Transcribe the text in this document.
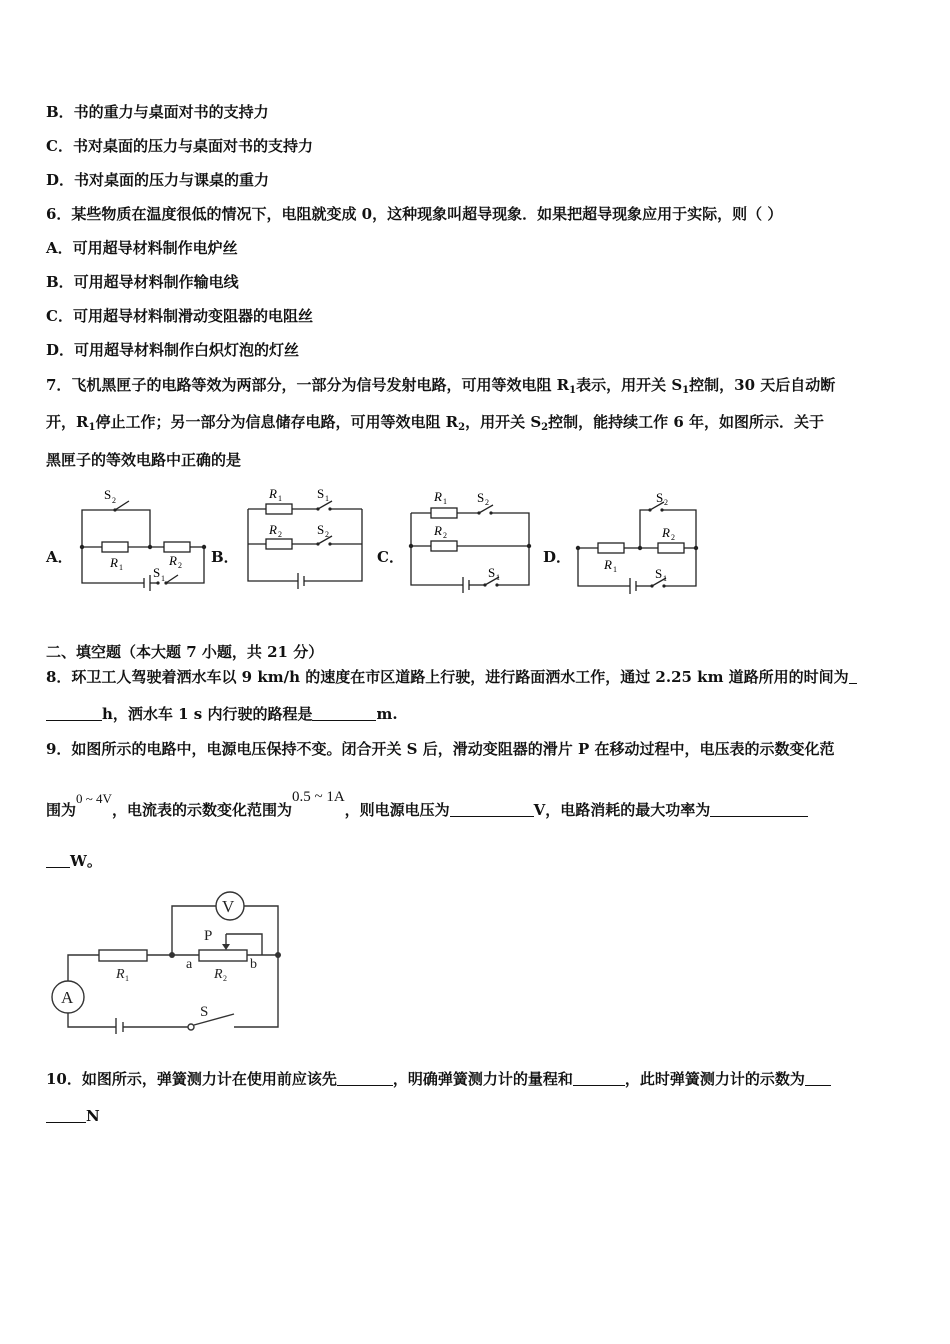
B．书的重力与桌面对书的支持力
C．书对桌面的压力与桌面对书的支持力
D．书对桌面的压力与课桌的重力
6．某些物质在温度很低的情况下，电阻就变成 0，这种现象叫超导现象．如果把超导现象应用于实际，则（ ）
A．可用超导材料制作电炉丝
B．可用超导材料制作输电线
C．可用超导材料制滑动变阻器的电阻丝
D．可用超导材料制作白炽灯泡的灯丝
7．飞机黑匣子的电路等效为两部分，一部分为信号发射电路，可用等效电阻 $R_1$表示，用开关 $S_1$控制，30 天后自动断
开，$R_1$停止工作；另一部分为信息储存电路，可用等效电阻 $R_2$，用开关 $S_2$控制，能持续工作 6 年，如图所示．关于
黑匣子的等效电路中正确的是
A．	B．	C．	D．
S 2
R 1	R 2
S 1
R 1	S 1
R 2	S 2
R 1 S 2
R 2
S 1
S 2
R 2
R 1	S 1
二、填空题（本大题 7 小题，共 21 分）
8．环卫工人驾驶着洒水车以 9 km/h 的速度在市区道路上行驶，进行路面洒水工作，通过 2.25 km 道路所用的时间为
h，洒水车 1 s 内行驶的路程是	m.
9．如图所示的电路中，电源电压保持不变。闭合开关 S 后，滑动变阻器的滑片 P 在移动过程中，电压表的示数变化范
围为0 ~ 4V，电流表的示数变化范围为0.5 ~ 1A，则电源电压为	V，电路消耗的最大功率为
W。
V
A
P
a	b
R 1	R 2
S
10．如图所示，弹簧测力计在使用前应该先	，明确弹簧测力计的量程和	，此时弹簧测力计的示数为
N
